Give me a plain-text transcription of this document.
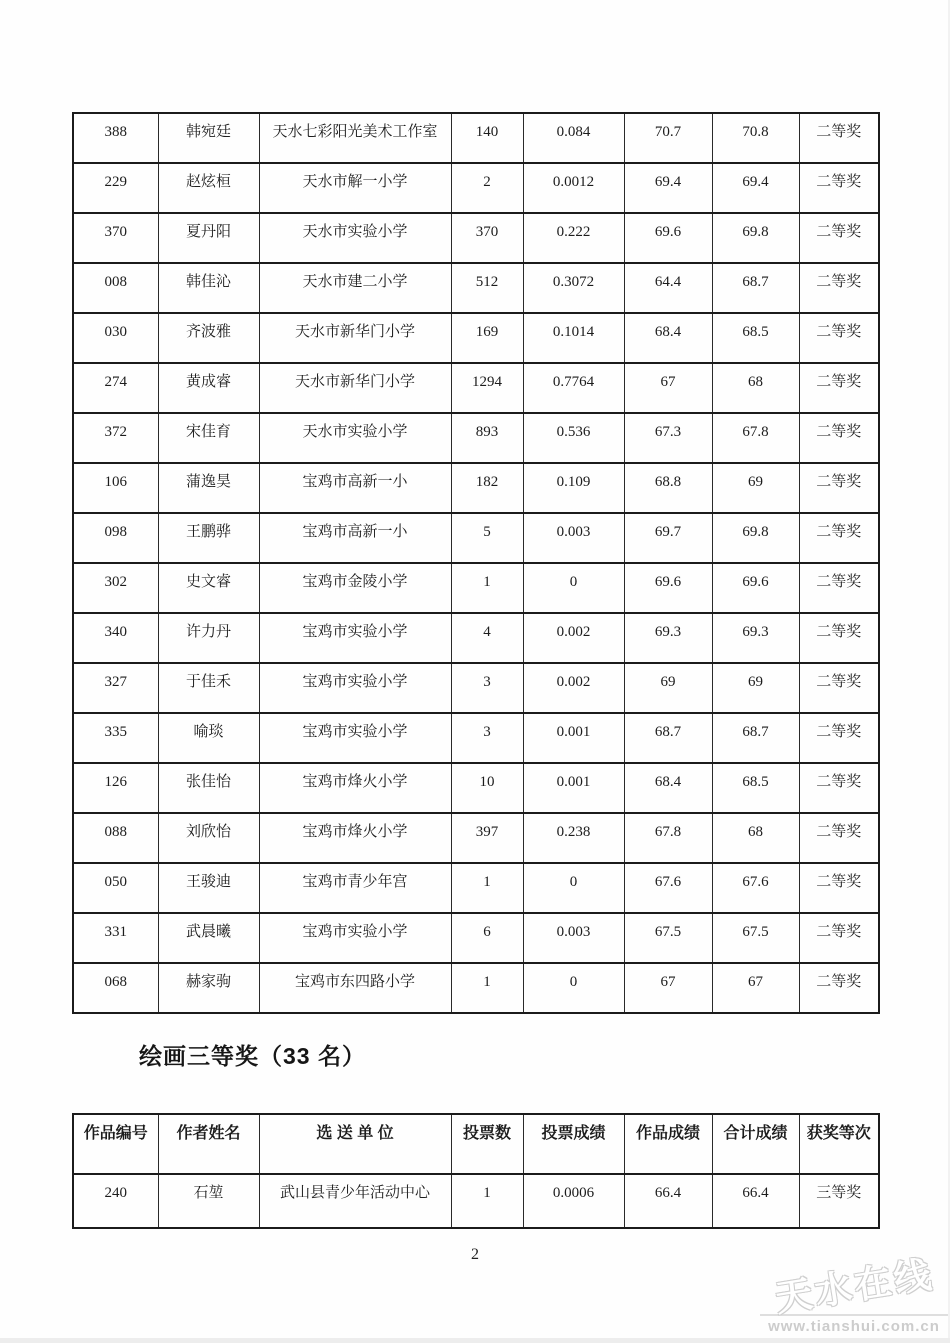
388	韩宛廷	天水七彩阳光美术工作室	140	0.084	70.7	70.8	二等奖
229	赵炫桓	天水市解一小学	2	0.0012	69.4	69.4	二等奖
370	夏丹阳	天水市实验小学	370	0.222	69.6	69.8	二等奖
008	韩佳沁	天水市建二小学	512	0.3072	64.4	68.7	二等奖
030	齐波雅	天水市新华门小学	169	0.1014	68.4	68.5	二等奖
274	黄成睿	天水市新华门小学	1294	0.7764	67	68	二等奖
372	宋佳育	天水市实验小学	893	0.536	67.3	67.8	二等奖
106	蒲逸昊	宝鸡市高新一小	182	0.109	68.8	69	二等奖
098	王鹏骅	宝鸡市高新一小	5	0.003	69.7	69.8	二等奖
302	史文睿	宝鸡市金陵小学	1	0	69.6	69.6	二等奖
340	许力丹	宝鸡市实验小学	4	0.002	69.3	69.3	二等奖
327	于佳禾	宝鸡市实验小学	3	0.002	69	69	二等奖
335	喻琰	宝鸡市实验小学	3	0.001	68.7	68.7	二等奖
126	张佳怡	宝鸡市烽火小学	10	0.001	68.4	68.5	二等奖
088	刘欣怡	宝鸡市烽火小学	397	0.238	67.8	68	二等奖
050	王骏迪	宝鸡市青少年宫	1	0	67.6	67.6	二等奖
331	武晨曦	宝鸡市实验小学	6	0.003	67.5	67.5	二等奖
068	赫家驹	宝鸡市东四路小学	1	0	67	67	二等奖
绘画三等奖（33 名）
作品编号	作者姓名	选 送 单 位	投票数	投票成绩	作品成绩	合计成绩	获奖等次
240	石堃	武山县青少年活动中心	1	0.0006	66.4	66.4	三等奖
2	天水在线
www.tianshui.com.cn
